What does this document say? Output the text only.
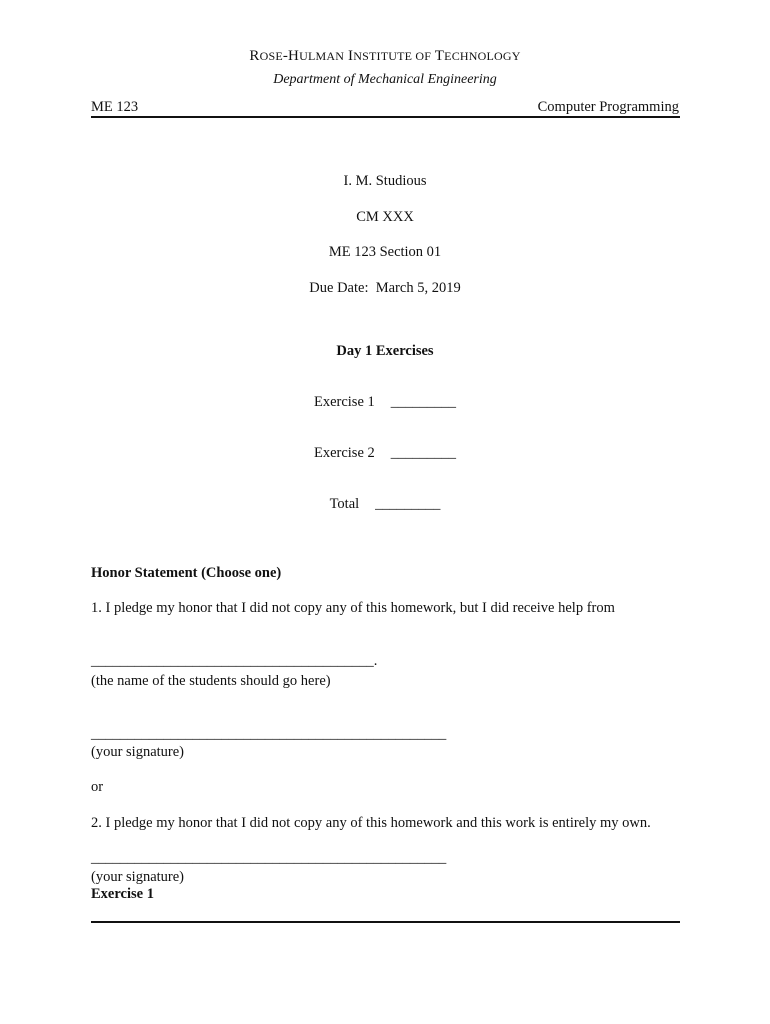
ROSE-HULMAN INSTITUTE OF TECHNOLOGY
Department of Mechanical Engineering
ME 123	Computer Programming
I. M. Studious
CM XXX
ME 123 Section 01
Due Date:  March 5, 2019
Day 1 Exercises
Exercise 1 _________
Exercise 2 _________
Total _________
Honor Statement (Choose one)
1. I pledge my honor that I did not copy any of this homework, but I did receive help from
_______________________________________.
(the name of the students should go here)
_________________________________________________
(your signature)
or
2. I pledge my honor that I did not copy any of this homework and this work is entirely my own.
_________________________________________________
(your signature)
Exercise 1
